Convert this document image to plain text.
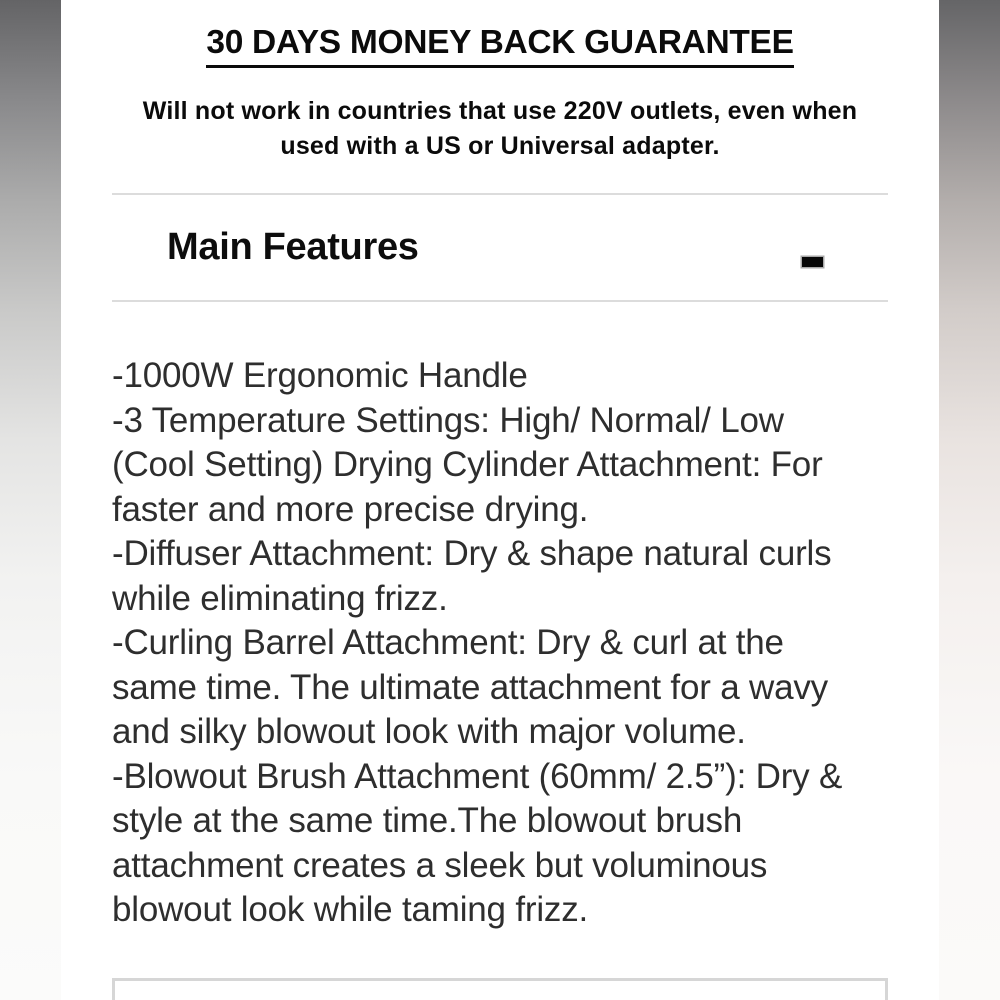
30 DAYS MONEY BACK GUARANTEE

Will not work in countries that use 220V outlets, even when
used with a US or Universal adapter.

Main Features
-1000W Ergonomic Handle
-3 Temperature Settings: High/ Normal/ Low (Cool Setting) Drying Cylinder Attachment: For faster and more precise drying.
-Diffuser Attachment: Dry & shape natural curls while eliminating frizz.
-Curling Barrel Attachment: Dry & curl at the same time. The ultimate attachment for a wavy and silky blowout look with major volume.
-Blowout Brush Attachment (60mm/ 2.5”): Dry & style at the same time.The blowout brush attachment creates a sleek but voluminous blowout look while taming frizz.
